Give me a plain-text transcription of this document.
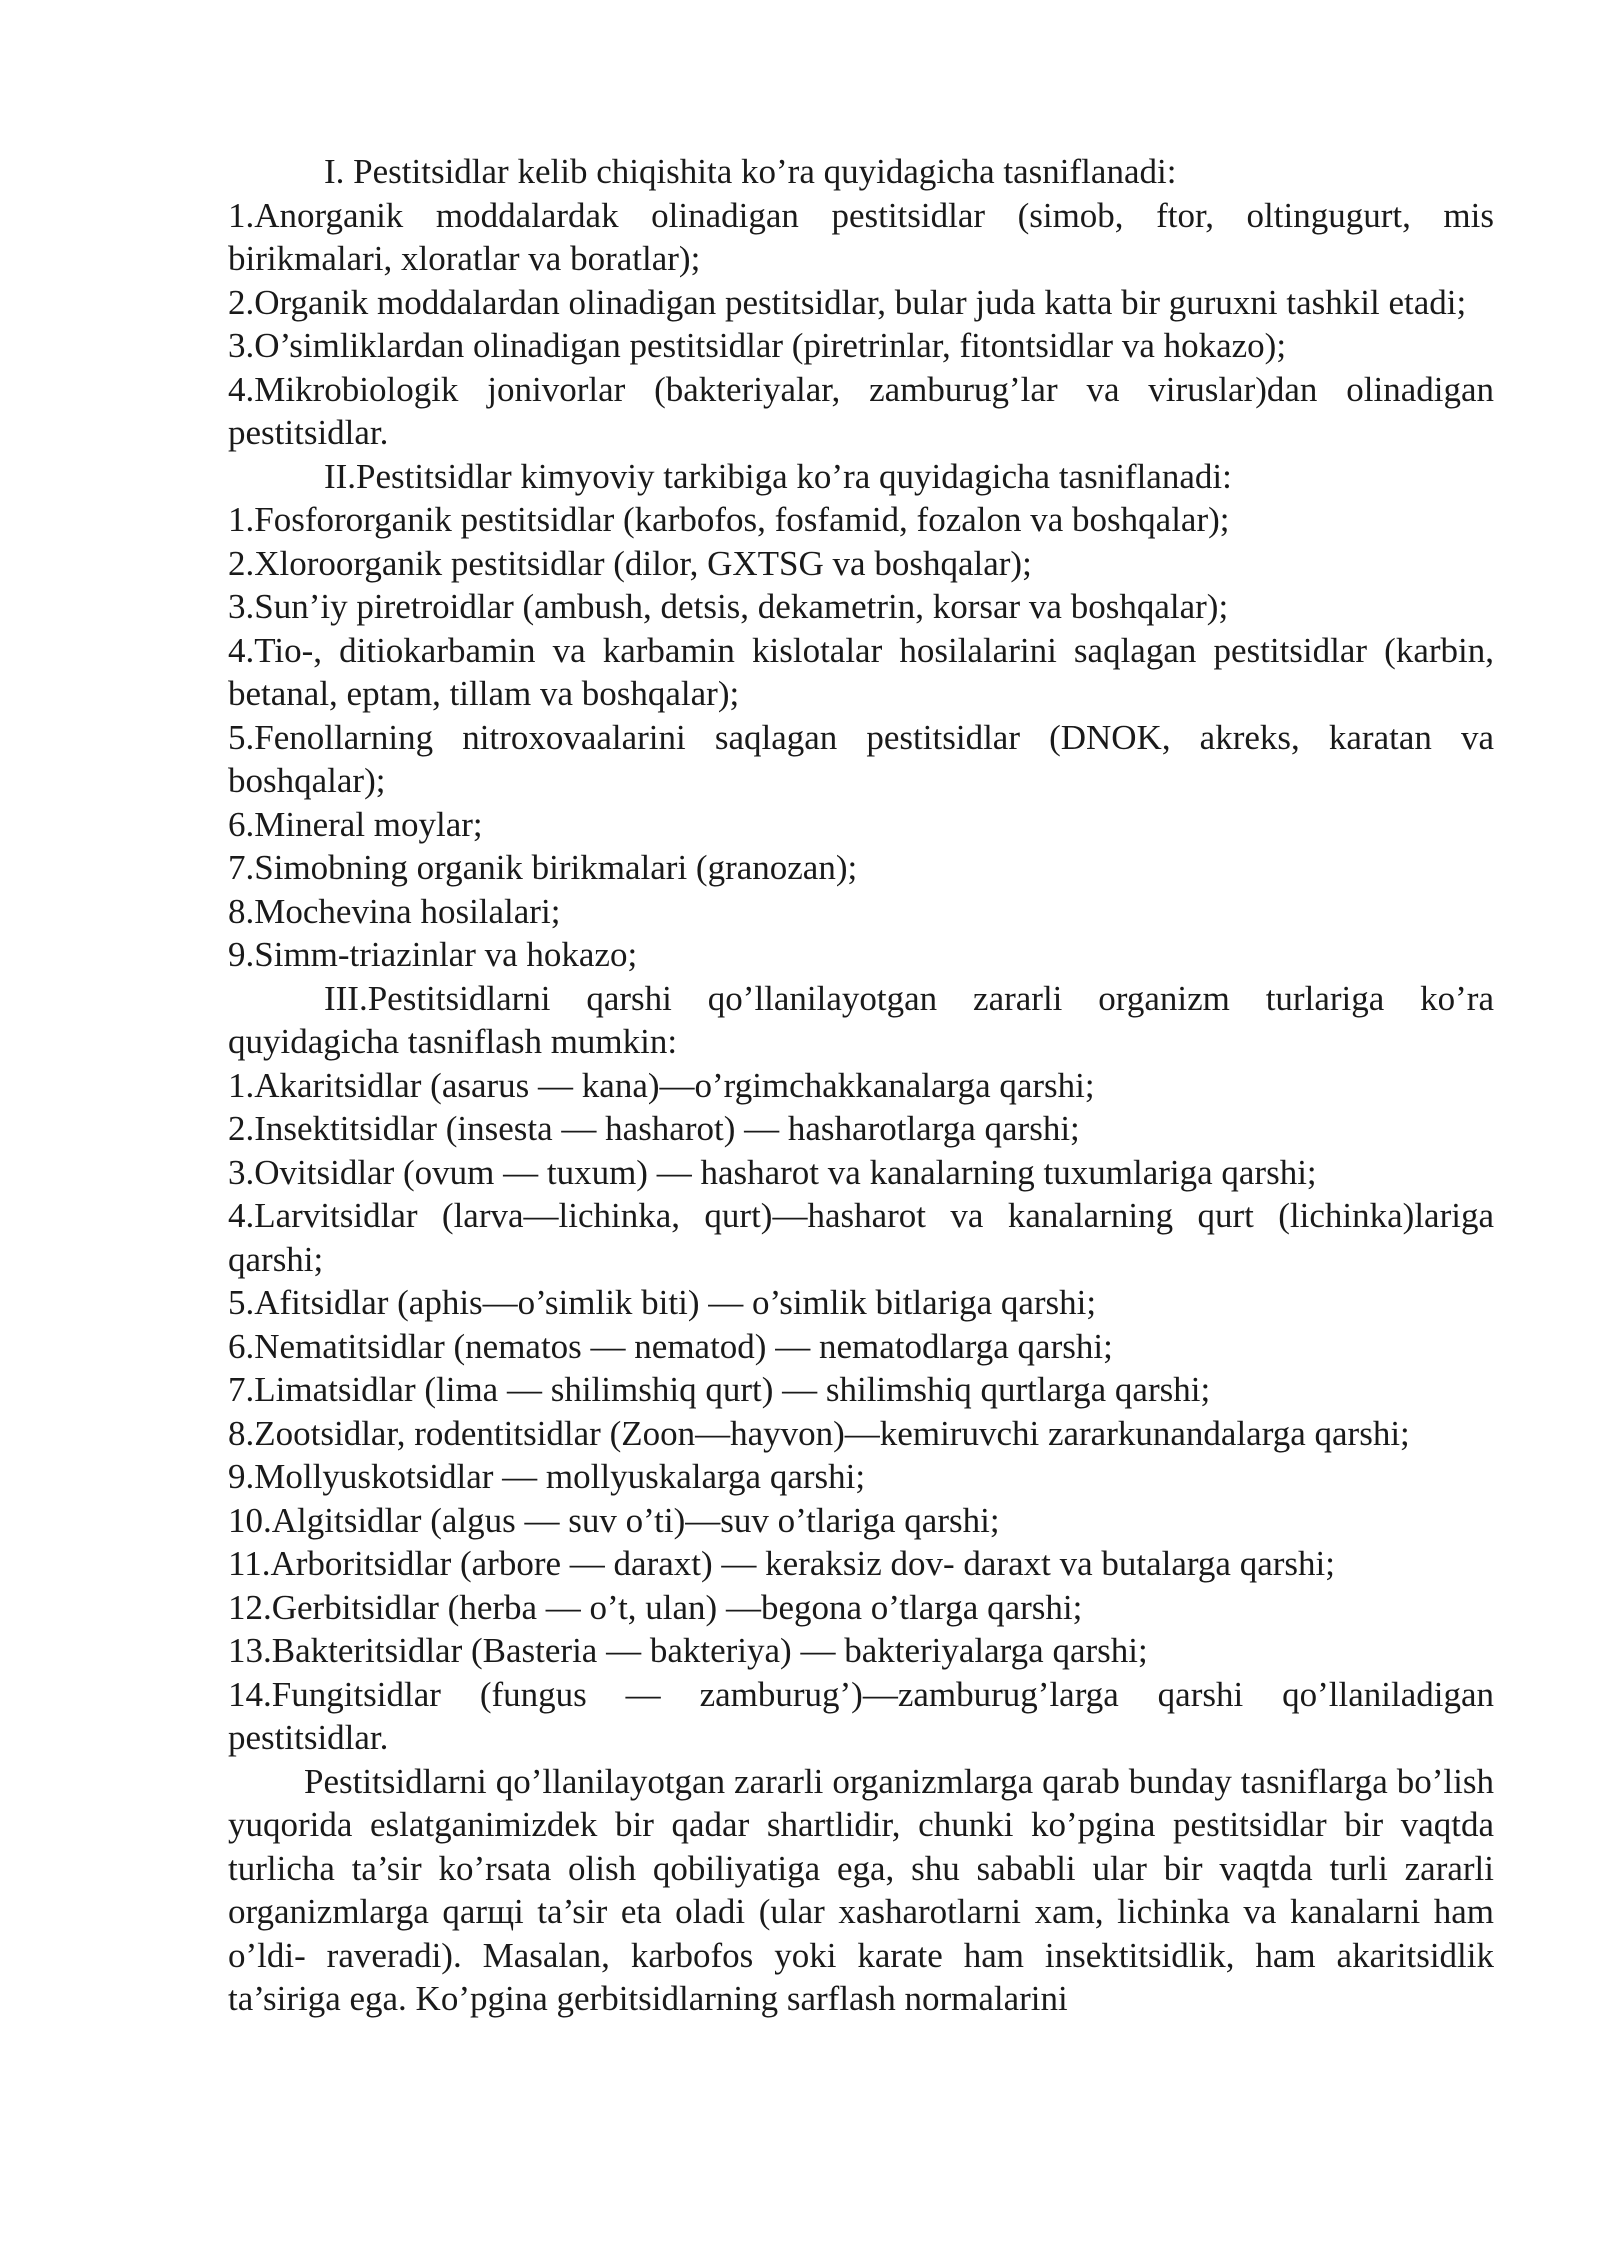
I. Pestitsidlar kelib chiqishita ko’ra quyidagicha tasniflanadi:

1.Anorganik moddalardak olinadigan pestitsidlar (simob, ftor, oltingugurt, mis birikmalari, xloratlar va boratlar);

2.Organik moddalardan olinadigan pestitsidlar, bular juda katta bir guruxni tashkil etadi;

3.O’simliklardan olinadigan pestitsidlar (piretrinlar, fitontsidlar va hokazo);

4.Mikrobiologik jonivorlar (bakteriyalar, zamburug’lar va viruslar)dan olinadigan pestitsidlar.

II.Pestitsidlar kimyoviy tarkibiga ko’ra quyidagicha tasniflanadi:

1.Fosfororganik pestitsidlar (karbofos, fosfamid, fozalon va boshqalar);

2.Xloroorganik pestitsidlar (dilor, GXTSG va boshqalar);

3.Sun’iy piretroidlar (ambush, detsis, dekametrin, korsar va boshqalar);

4.Tio-, ditiokarbamin va karbamin kislotalar hosilalarini saqlagan pestitsidlar (karbin, betanal, eptam, tillam va boshqalar);

5.Fenollarning nitroxovaalarini saqlagan pestitsidlar (DNOK, akreks, karatan va boshqalar);

6.Mineral moylar;

7.Simobning organik birikmalari (granozan);

8.Mochevina hosilalari;

9.Simm-triazinlar va hokazo;

III.Pestitsidlarni qarshi qo’llanilayotgan zararli organizm turlariga ko’ra quyidagicha tasniflash mumkin:

1.Akaritsidlar (asarus — kana)—o’rgimchakkanalarga qarshi;

2.Insektitsidlar (insesta — hasharot) — hasharotlarga qarshi;

3.Ovitsidlar (ovum — tuxum) — hasharot va kanalarning tuxumlariga qarshi;

4.Larvitsidlar (larva—lichinka, qurt)—hasharot va kanalarning qurt (lichinka)lariga qarshi;

5.Afitsidlar (aphis—o’simlik biti) — o’simlik bitlariga qarshi;

6.Nematitsidlar (nematos — nematod) — nematodlarga qarshi;

7.Limatsidlar (lima — shilimshiq qurt) — shilimshiq qurtlarga qarshi;

8.Zootsidlar, rodentitsidlar (Zoon—hayvon)—kemiruvchi zararkunandalarga qarshi;

9.Mollyuskotsidlar — mollyuskalarga qarshi;

10.Algitsidlar (algus — suv o’ti)—suv o’tlariga qarshi;

11.Arboritsidlar (arbore — daraxt) — keraksiz dov- daraxt va butalarga qarshi;

12.Gerbitsidlar (herba — o’t, ulan) —begona o’tlarga qarshi;

13.Bakteritsidlar (Basteria — bakteriya) — bakteriyalarga qarshi;

14.Fungitsidlar (fungus — zamburug’)—zamburug’larga qarshi qo’llaniladigan pestitsidlar.

Pestitsidlarni qo’llanilayotgan zararli organizmlarga qarab bunday tasniflarga bo’lish yuqorida eslatganimizdek bir qadar shartlidir, chunki ko’pgina pestitsidlar bir vaqtda turlicha ta’sir ko’rsata olish qobiliyatiga ega, shu sababli ular bir vaqtda turli zararli organizmlarga qarщi ta’sir eta oladi (ular xasharotlarni xam, lichinka va kanalarni ham o’ldi- raveradi). Masalan, karbofos yoki karate ham insektitsidlik, ham akaritsidlik ta’siriga ega. Ko’pgina gerbitsidlarning sarflash normalarini
